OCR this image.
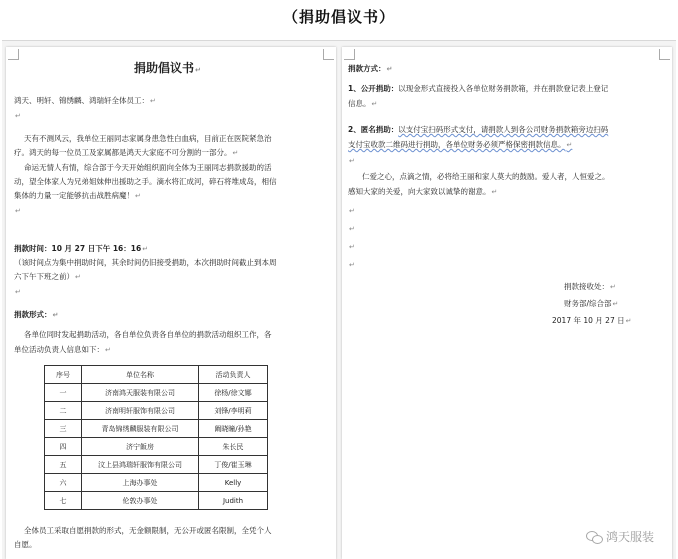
（捐助倡议书）
捐助倡议书↵
鸿天、明轩、锦绣麟、鸿瑞轩全体员工：↵
↵
天有不测风云，我单位王丽同志家属身患急性白血病，目前正在医院紧急治
疗。鸿天的每一位员工及家属都是鸿天大家庭不可分割的一部分。↵
命运无情人有情，综合部于今天开始组织面向全体为王丽同志捐款援助的活
动，望全体家人为兄弟姐妹伸出援助之手。滴水将汇成河，碎石将堆成岛，相信
集体的力量一定能够抗击战胜病魔！↵
↵
捐款时间：10 月 27 日下午 16：16↵
（该时间点为集中捐助时间，其余时间仍旧接受捐助，本次捐助时间截止到本周
六下午下班之前）↵
↵
捐款形式：↵
各单位同时发起捐助活动，各自单位负责各自单位的捐款活动组织工作，各
单位活动负责人信息如下：↵
序号	单位名称	活动负责人
一	济南鸿天服装有限公司	徐杨/徐文娜
二	济南明轩服饰有限公司	刘锋/李明莉
三	青岛锦绣麟服装有限公司	阚晓瞳/孙艳
四	济宁飯房	朱长民
五	汶上县鸿瑞轩服饰有限公司	丁俊/崔玉琳
六	上海办事处	Kelly
七	伦敦办事处	Judith
全体员工采取自愿捐款的形式，无金额限制，无公开或匿名限制，全凭个人
自愿。
捐款方式：↵
1、公开捐助：以现金形式直接投入各单位财务捐款箱，并在捐款登记表上登记
信息。↵
2、匿名捐助：以支付宝扫码形式支付，请捐款人到各公司财务捐款箱旁边扫码
支付宝收款二维码进行捐助，各单位财务必须严格保密捐款信息。↵
↵
仁爱之心，点滴之情，必将给王丽和家人莫大的鼓励。爱人者，人恒爱之。
感知大家的关爱，向大家致以诚挚的谢意。↵
↵
↵
↵
↵
捐款接收处：↵
财务部/综合部↵
2017 年 10 月 27 日↵
鸿天服装
